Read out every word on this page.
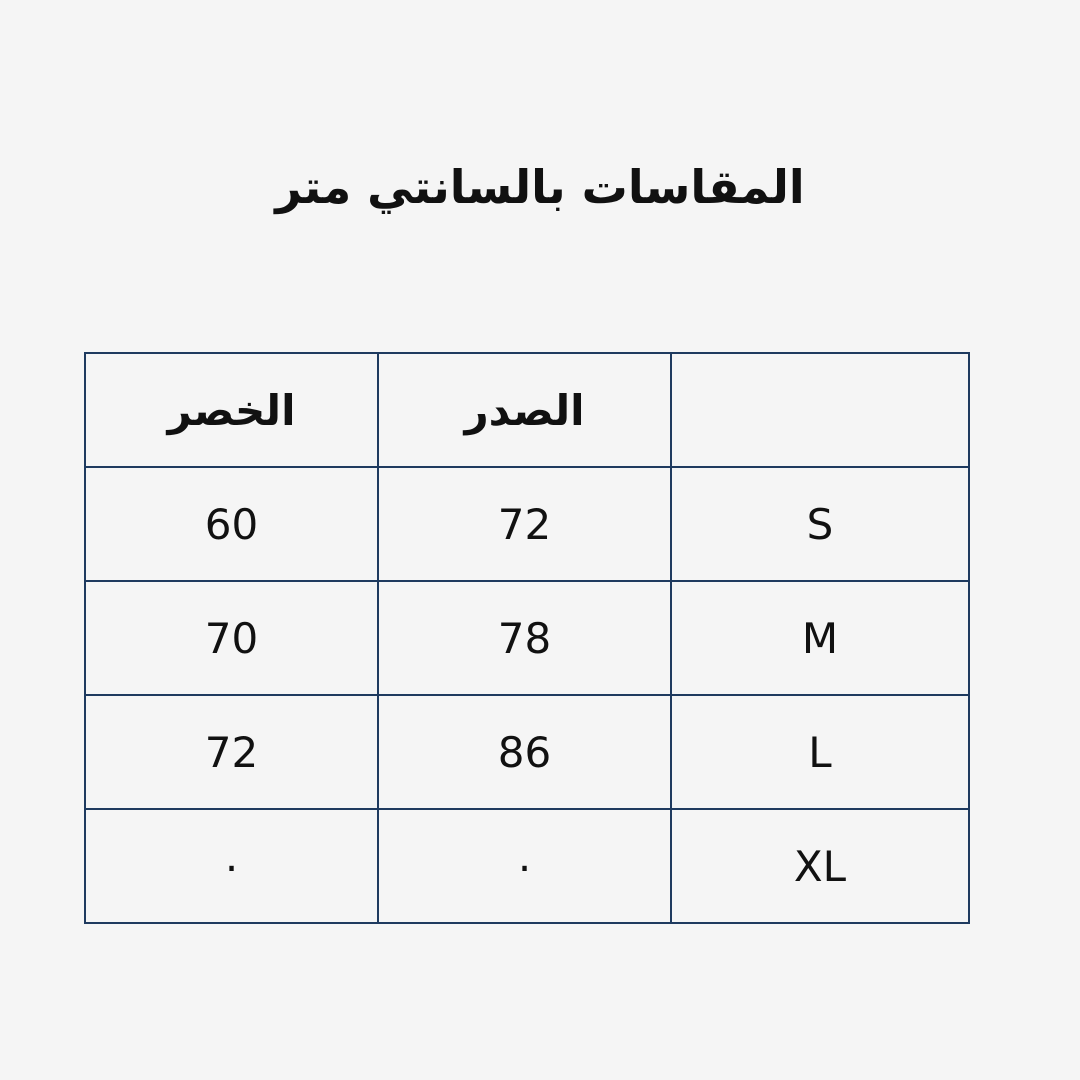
المقاسات بالسانتي متر
	الصدر	الخصر
S	72	60
M	78	70
L	86	72
XL	.	.
